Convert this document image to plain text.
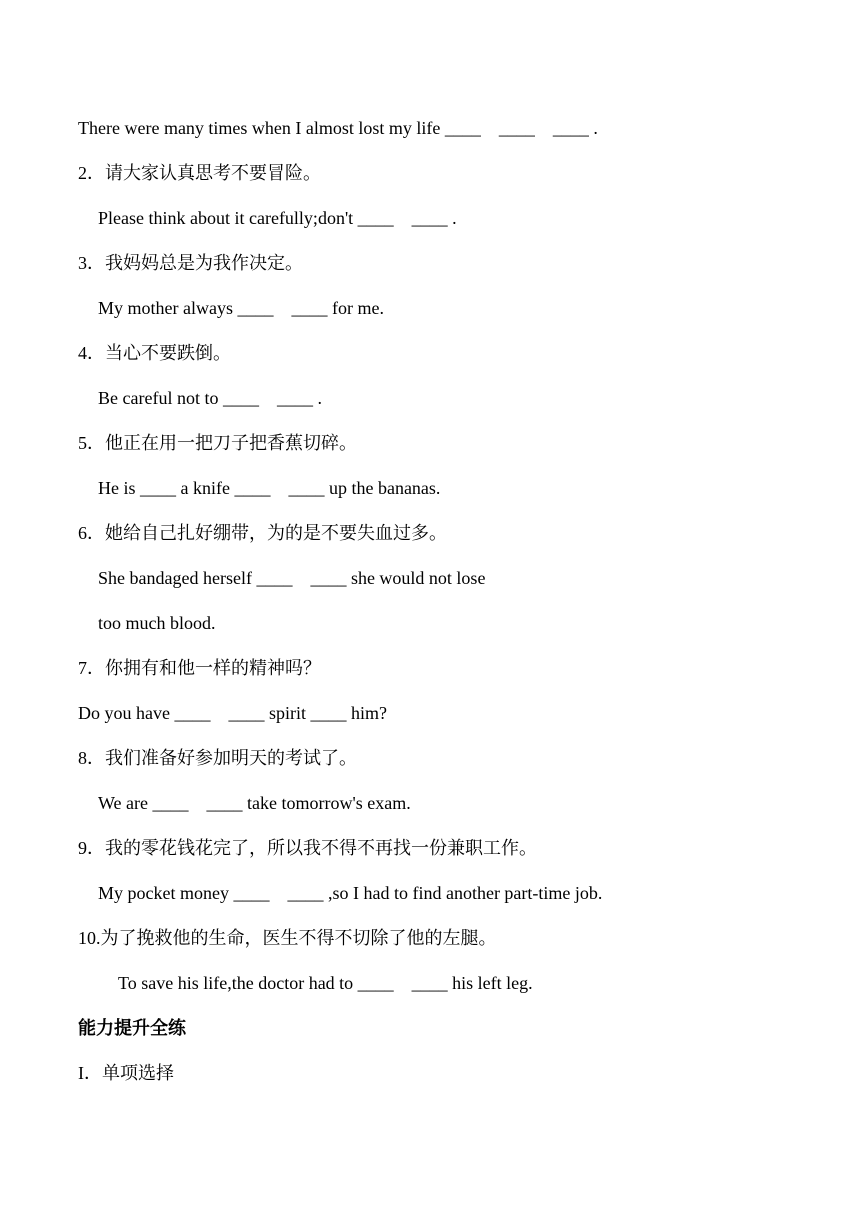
There were many times when I almost lost my life ____    ____    ____ .
2．请大家认真思考不要冒险。
Please think about it carefully;don't ____    ____ .
3．我妈妈总是为我作决定。
My mother always ____    ____ for me.
4．当心不要跌倒。
Be careful not to ____    ____ .
5．他正在用一把刀子把香蕉切碎。
He is ____ a knife ____    ____ up the bananas.
6．她给自己扎好绷带，为的是不要失血过多。
She bandaged herself ____    ____ she would not lose
too much blood.
7．你拥有和他一样的精神吗？
Do you have ____    ____ spirit ____ him?
8．我们准备好参加明天的考试了。
We are ____    ____ take tomorrow's exam.
9．我的零花钱花完了，所以我不得不再找一份兼职工作。
My pocket money ____    ____ ,so I had to find another part-time job.
10.为了挽救他的生命，医生不得不切除了他的左腿。
To save his life,the doctor had to ____    ____ his left leg.
能力提升全练
I．单项选择
